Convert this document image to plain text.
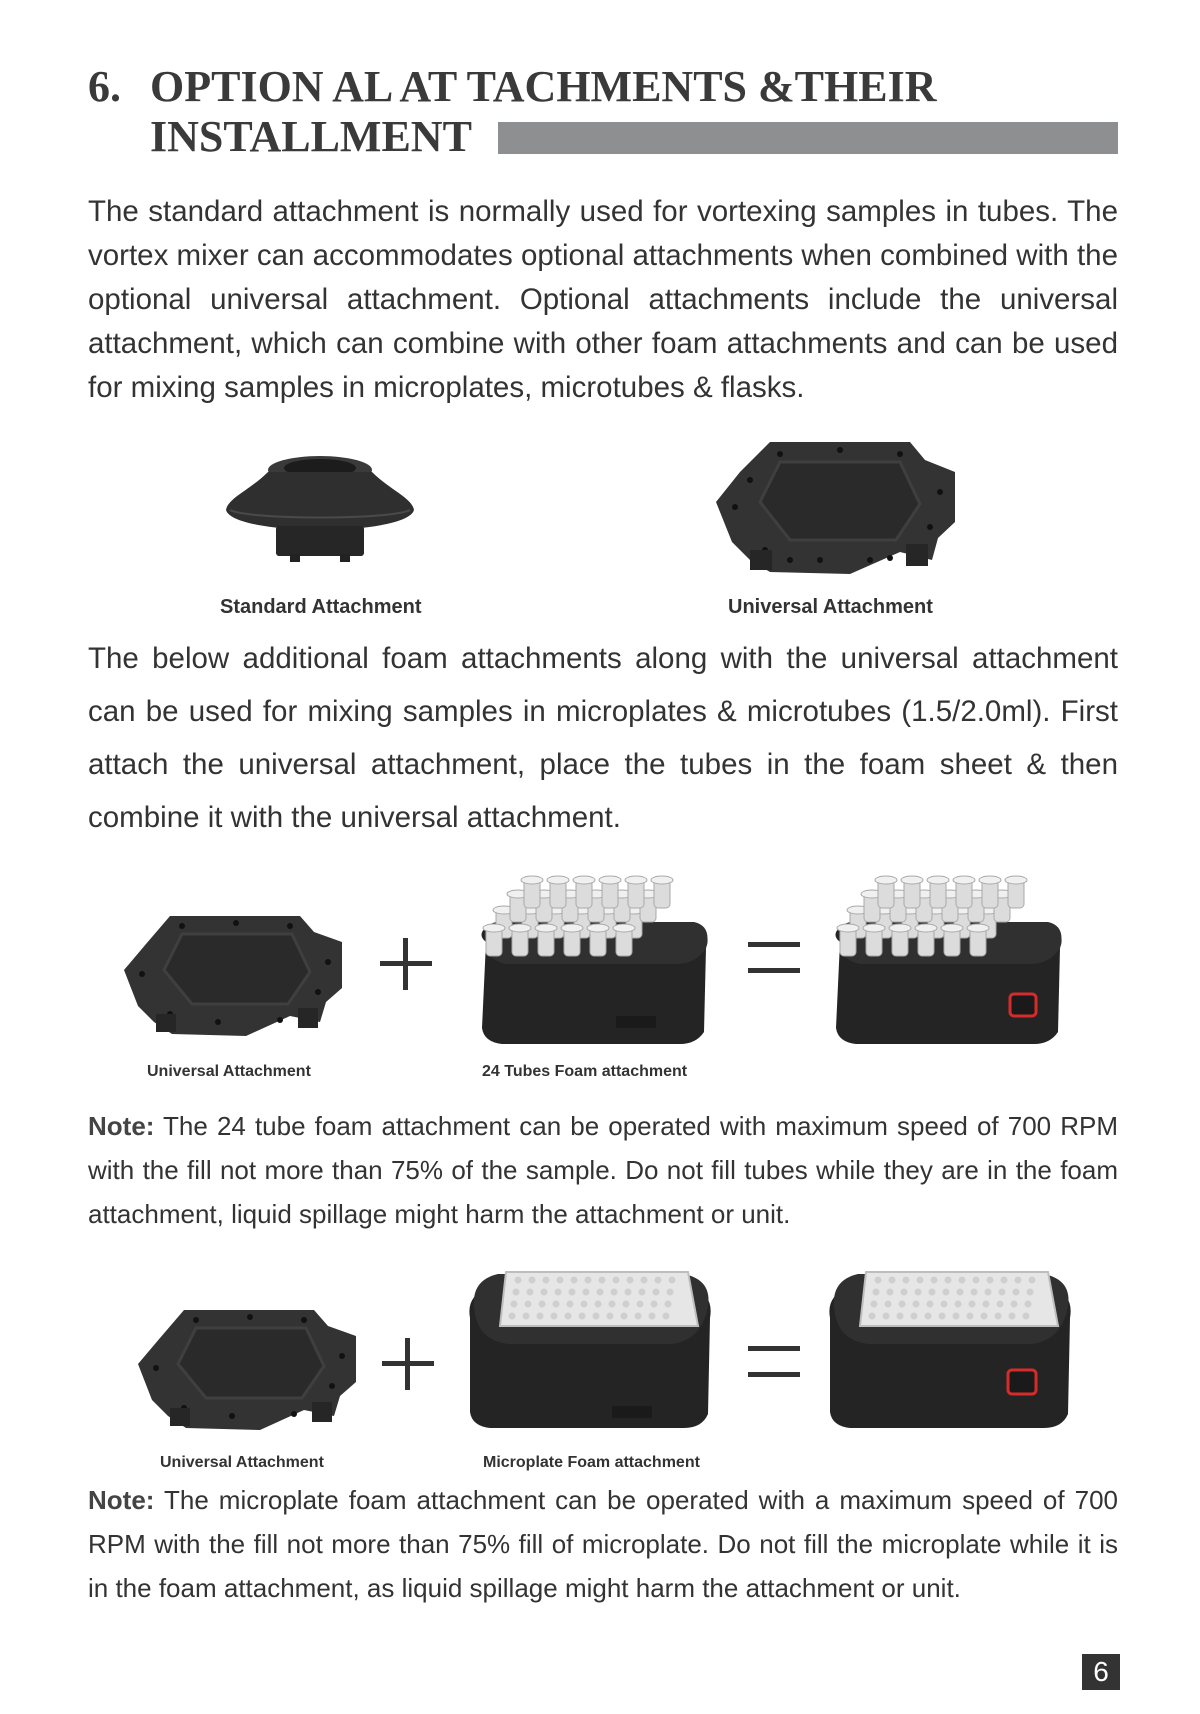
6. OPTION AL AT TACHMENTS &THEIR
INSTALLMENT

The standard attachment is normally used for vortexing samples in tubes. The vortex mixer can accommodates optional attachments when combined with the optional universal attachment. Optional attachments include the universal attachment, which can combine with other foam attachments and can be used for mixing samples in microplates, microtubes & flasks.

Standard Attachment	Universal Attachment

The below additional foam attachments along with the universal attachment can be used for mixing samples in microplates & microtubes (1.5/2.0ml). First attach the universal attachment, place the tubes in the foam sheet & then combine it with the universal attachment.

Universal Attachment	24 Tubes Foam attachment

Note: The 24 tube foam attachment can be operated with maximum speed of 700 RPM with the fill not more than 75% of the sample. Do not fill tubes while they are in the foam attachment, liquid spillage might harm the attachment or unit.

Universal Attachment	Microplate Foam attachment

Note: The microplate foam attachment can be operated with a maximum speed of 700 RPM with the fill not more than 75% fill of microplate. Do not fill the microplate while it is in the foam attachment, as liquid spillage might harm the attachment or unit.

6
